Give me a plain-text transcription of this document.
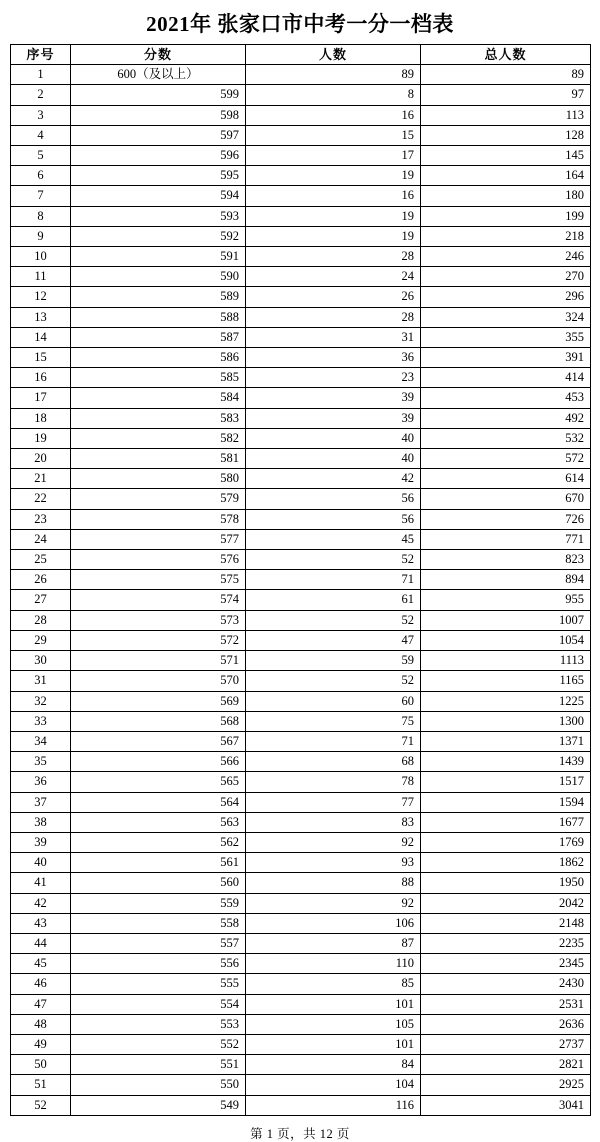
2021年 张家口市中考一分一档表
序号	分数	人数	总人数
1	600（及以上）	89	89
2	599	8	97
3	598	16	113
4	597	15	128
5	596	17	145
6	595	19	164
7	594	16	180
8	593	19	199
9	592	19	218
10	591	28	246
11	590	24	270
12	589	26	296
13	588	28	324
14	587	31	355
15	586	36	391
16	585	23	414
17	584	39	453
18	583	39	492
19	582	40	532
20	581	40	572
21	580	42	614
22	579	56	670
23	578	56	726
24	577	45	771
25	576	52	823
26	575	71	894
27	574	61	955
28	573	52	1007
29	572	47	1054
30	571	59	1113
31	570	52	1165
32	569	60	1225
33	568	75	1300
34	567	71	1371
35	566	68	1439
36	565	78	1517
37	564	77	1594
38	563	83	1677
39	562	92	1769
40	561	93	1862
41	560	88	1950
42	559	92	2042
43	558	106	2148
44	557	87	2235
45	556	110	2345
46	555	85	2430
47	554	101	2531
48	553	105	2636
49	552	101	2737
50	551	84	2821
51	550	104	2925
52	549	116	3041
第 1 页，共 12 页
